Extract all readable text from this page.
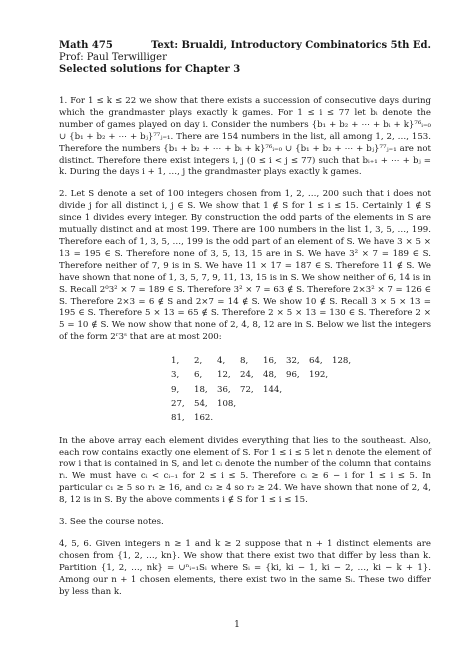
Math 475	Text: Brualdi, Introductory Combinatorics 5th Ed.
Prof: Paul Terwilliger
Selected solutions for Chapter 3

1. For 1 ≤ k ≤ 22 we show that there exists a succession of consecutive days during which the grandmaster plays exactly k games. For 1 ≤ i ≤ 77 let bᵢ denote the number of games played on day i. Consider the numbers {b₁ + b₂ + ⋯ + bᵢ + k}⁷⁶ᵢ₌₀ ∪ {b₁ + b₂ + ⋯ + bⱼ}⁷⁷ⱼ₌₁. There are 154 numbers in the list, all among 1, 2, …, 153. Therefore the numbers {b₁ + b₂ + ⋯ + bᵢ + k}⁷⁶ᵢ₌₀ ∪ {b₁ + b₂ + ⋯ + bⱼ}⁷⁷ⱼ₌₁ are not distinct. Therefore there exist integers i, j (0 ≤ i < j ≤ 77) such that bᵢ₊₁ + ⋯ + bⱼ = k. During the days i + 1, …, j the grandmaster plays exactly k games.

2. Let S denote a set of 100 integers chosen from 1, 2, …, 200 such that i does not divide j for all distinct i, j ∈ S. We show that 1 ∉ S for 1 ≤ i ≤ 15. Certainly 1 ∉ S since 1 divides every integer. By construction the odd parts of the elements in S are mutually distinct and at most 199. There are 100 numbers in the list 1, 3, 5, …, 199. Therefore each of 1, 3, 5, …, 199 is the odd part of an element of S. We have 3 × 5 × 13 = 195 ∈ S. Therefore none of 3, 5, 13, 15 are in S. We have 3² × 7 = 189 ∈ S. Therefore neither of 7, 9 is in S. We have 11 × 17 = 187 ∈ S. Therefore 11 ∉ S. We have shown that none of 1, 3, 5, 7, 9, 11, 13, 15 is in S. We show neither of 6, 14 is in S. Recall 2⁰3² × 7 = 189 ∈ S. Therefore 3² × 7 = 63 ∉ S. Therefore 2×3² × 7 = 126 ∈ S. Therefore 2×3 = 6 ∉ S and 2×7 = 14 ∉ S. We show 10 ∉ S. Recall 3 × 5 × 13 = 195 ∈ S. Therefore 5 × 13 = 65 ∉ S. Therefore 2 × 5 × 13 = 130 ∈ S. Therefore 2 × 5 = 10 ∉ S. We now show that none of 2, 4, 8, 12 are in S. Below we list the integers of the form 2ʳ3ˢ that are at most 200:

1,	2,	4,	8,	16,	32,	64,	128,
3,	6,	12,	24,	48,	96,	192,
9,	18,	36,	72,	144,
27,	54,	108,
81,	162.

In the above array each element divides everything that lies to the southeast. Also, each row contains exactly one element of S. For 1 ≤ i ≤ 5 let rᵢ denote the element of row i that is contained in S, and let cᵢ denote the number of the column that contains rᵢ. We must have cᵢ < cᵢ₋₁ for 2 ≤ i ≤ 5. Therefore cᵢ ≥ 6 − i for 1 ≤ i ≤ 5. In particular c₁ ≥ 5 so r₁ ≥ 16, and c₂ ≥ 4 so r₂ ≥ 24. We have shown that none of 2, 4, 8, 12 is in S. By the above comments i ∉ S for 1 ≤ i ≤ 15.

3. See the course notes.

4, 5, 6. Given integers n ≥ 1 and k ≥ 2 suppose that n + 1 distinct elements are chosen from {1, 2, …, kn}. We show that there exist two that differ by less than k. Partition {1, 2, …, nk} = ∪ⁿᵢ₌₁Sᵢ where Sᵢ = {ki, ki − 1, ki − 2, …, ki − k + 1}. Among our n + 1 chosen elements, there exist two in the same Sᵢ. These two differ by less than k.

1
